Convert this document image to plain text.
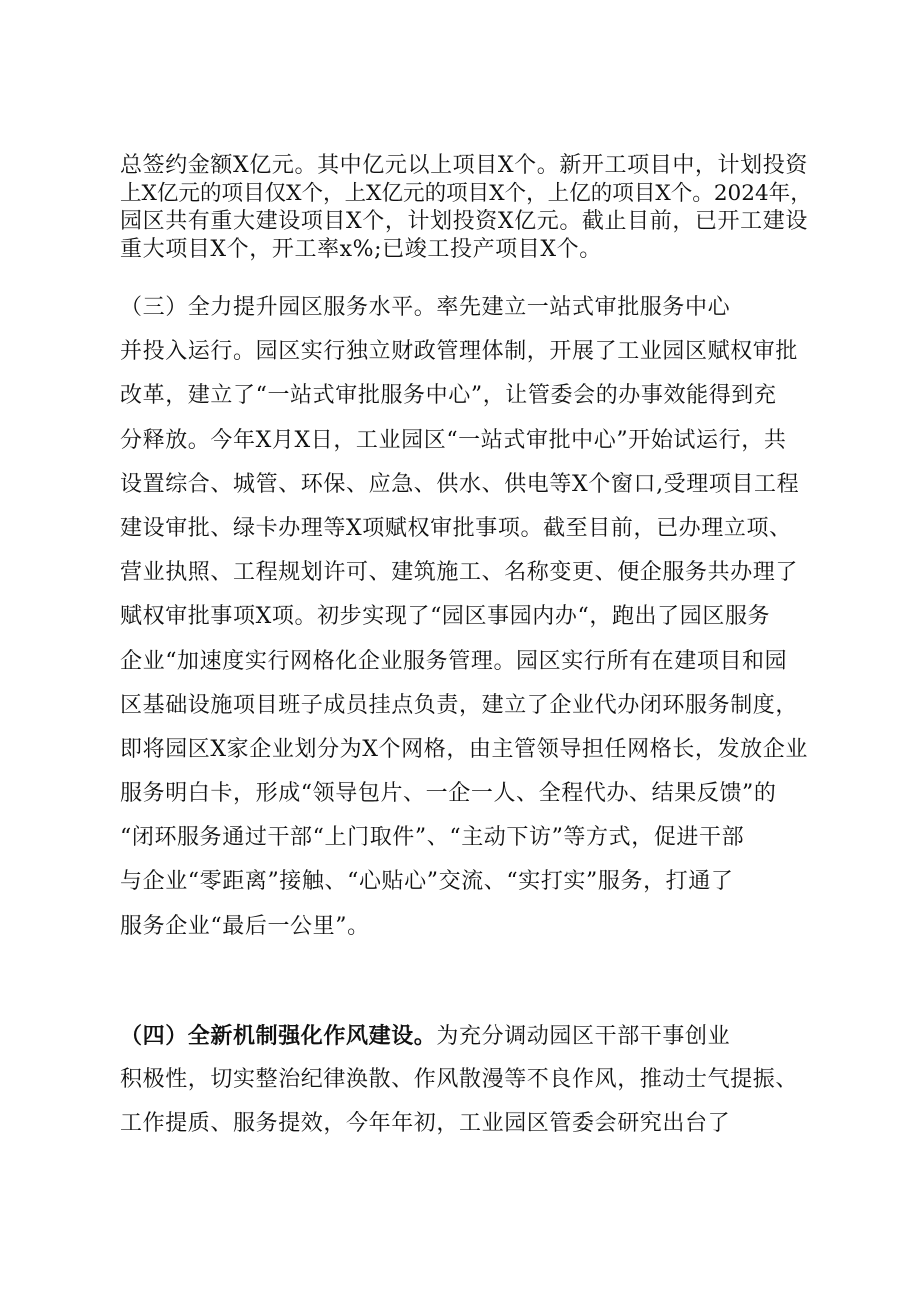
总签约金额X亿元。其中亿元以上项目X个。新开工项目中，计划投资
上X亿元的项目仅X个，上X亿元的项目X个，上亿的项目X个。2024年，
园区共有重大建设项目X个，计划投资X亿元。截止目前，已开工建设
重大项目X个，开工率x%;已竣工投产项目X个。
（三）全力提升园区服务水平。率先建立一站式审批服务中心
并投入运行。园区实行独立财政管理体制，开展了工业园区赋权审批
改革，建立了“一站式审批服务中心”，让管委会的办事效能得到充
分释放。今年X月X日，工业园区“一站式审批中心”开始试运行，共
设置综合、城管、环保、应急、供水、供电等X个窗口,受理项目工程
建设审批、绿卡办理等X项赋权审批事项。截至目前，已办理立项、
营业执照、工程规划许可、建筑施工、名称变更、便企服务共办理了
赋权审批事项X项。初步实现了“园区事园内办“，跑出了园区服务
企业“加速度实行网格化企业服务管理。园区实行所有在建项目和园
区基础设施项目班子成员挂点负责，建立了企业代办闭环服务制度，
即将园区X家企业划分为X个网格，由主管领导担任网格长，发放企业
服务明白卡，形成“领导包片、一企一人、全程代办、结果反馈”的
“闭环服务通过干部“上门取件”、“主动下访”等方式，促进干部
与企业“零距离”接触、“心贴心”交流、“实打实”服务，打通了
服务企业“最后一公里”。
（四）全新机制强化作风建设。为充分调动园区干部干事创业
积极性，切实整治纪律涣散、作风散漫等不良作风，推动士气提振、
工作提质、服务提效，今年年初，工业园区管委会研究出台了
